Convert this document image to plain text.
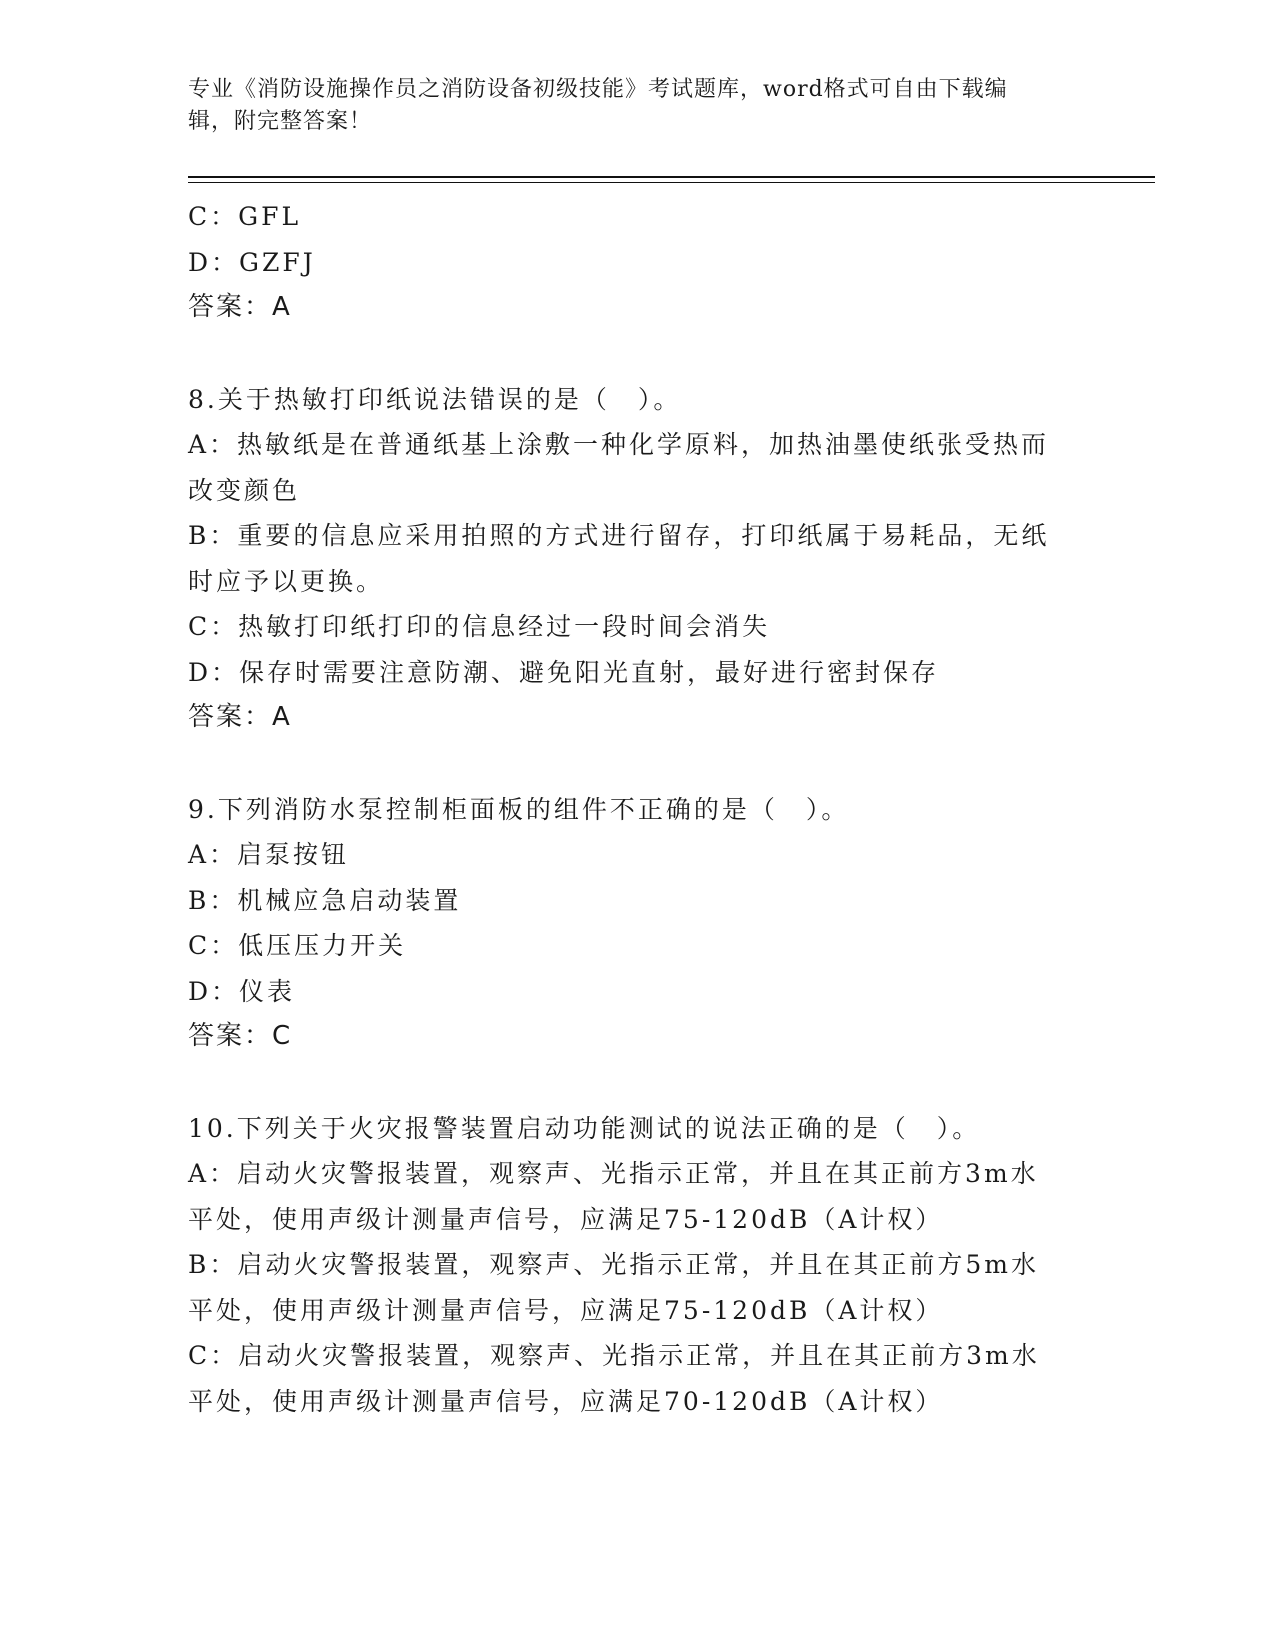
专业《消防设施操作员之消防设备初级技能》考试题库，word格式可自由下载编
辑，附完整答案！
C：GFL
D：GZFJ
答案：A
8.关于热敏打印纸说法错误的是（　）。
A：热敏纸是在普通纸基上涂敷一种化学原料，加热油墨使纸张受热而
改变颜色
B：重要的信息应采用拍照的方式进行留存，打印纸属于易耗品，无纸
时应予以更换。
C：热敏打印纸打印的信息经过一段时间会消失
D：保存时需要注意防潮、避免阳光直射，最好进行密封保存
答案：A
9.下列消防水泵控制柜面板的组件不正确的是（　）。
A：启泵按钮
B：机械应急启动装置
C：低压压力开关
D：仪表
答案：C
10.下列关于火灾报警装置启动功能测试的说法正确的是（　）。
A：启动火灾警报装置，观察声、光指示正常，并且在其正前方3m水
平处，使用声级计测量声信号，应满足75-120dB（A计权）
B：启动火灾警报装置，观察声、光指示正常，并且在其正前方5m水
平处，使用声级计测量声信号，应满足75-120dB（A计权）
C：启动火灾警报装置，观察声、光指示正常，并且在其正前方3m水
平处，使用声级计测量声信号，应满足70-120dB（A计权）
